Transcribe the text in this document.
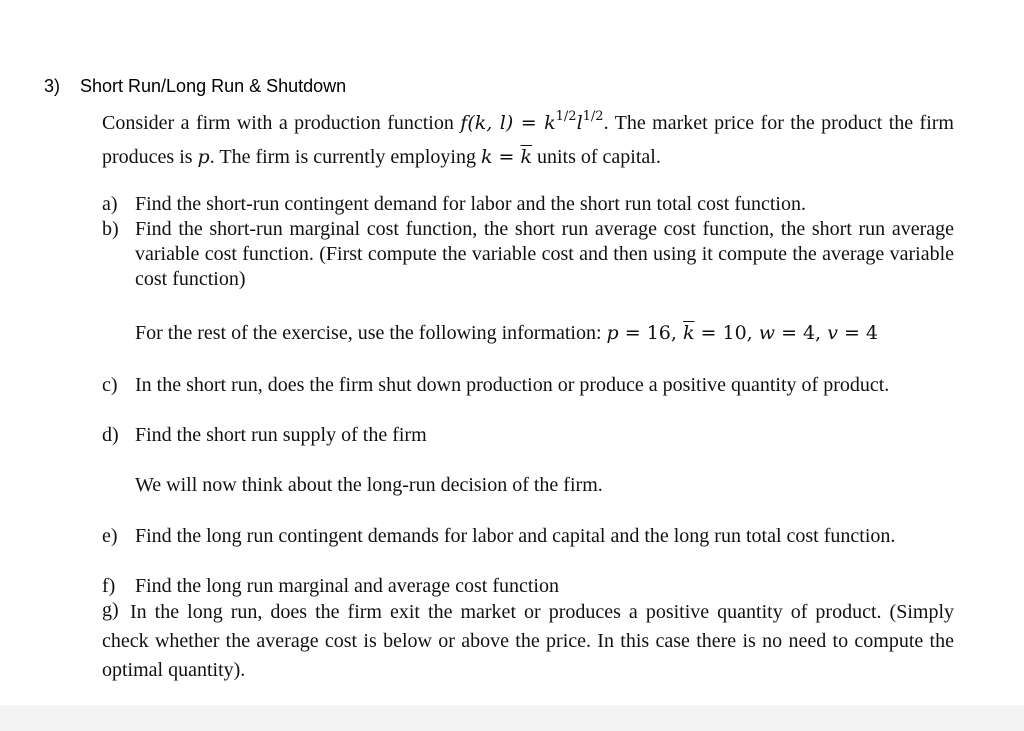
3) Short Run/Long Run & Shutdown
Consider a firm with a production function f(k, $l) = k^{1/2}l^{1/2}$. The market price for the product the firm produces is p. The firm is currently employing $k = \overline{k}$ units of capital.
a) Find the short-run contingent demand for labor and the short run total cost function.
b) Find the short-run marginal cost function, the short run average cost function, the short run average variable cost function. (First compute the variable cost and then using it compute the average variable cost function)
For the rest of the exercise, use the following information: p = 16, $\overline{k} = 10$, w = 4, v = 4
c) In the short run, does the firm shut down production or produce a positive quantity of product.
d) Find the short run supply of the firm
We will now think about the long-run decision of the firm.
e) Find the long run contingent demands for labor and capital and the long run total cost function.
f) Find the long run marginal and average cost function
g) In the long run, does the firm exit the market or produces a positive quantity of product. (Simply check whether the average cost is below or above the price. In this case there is no need to compute the optimal quantity).
